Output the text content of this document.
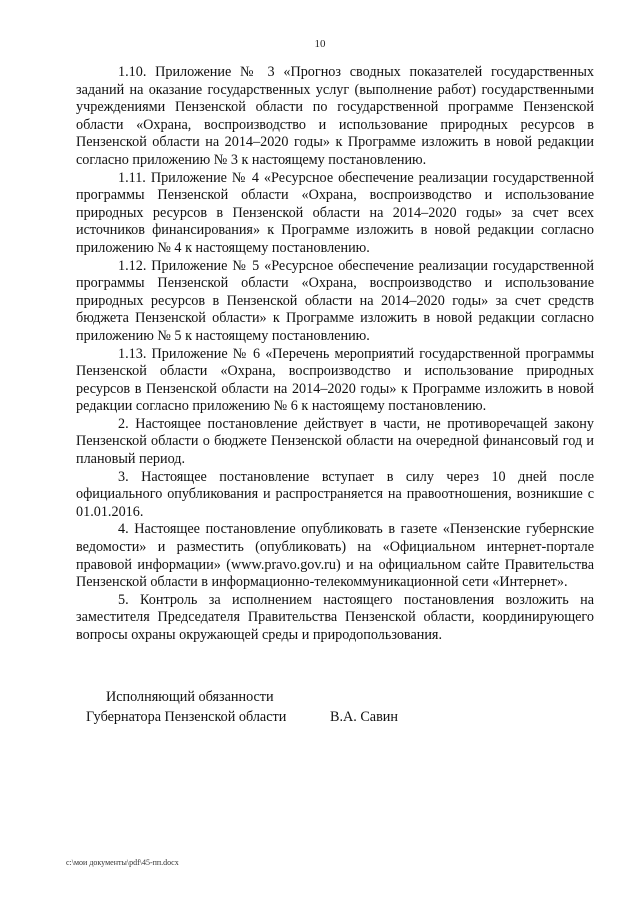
10

1.10. Приложение № 3 «Прогноз сводных показателей государственных заданий на оказание государственных услуг (выполнение работ) государственными учреждениями Пензенской области по государственной программе Пензенской области «Охрана, воспроизводство и использование природных ресурсов в Пензенской области на 2014–2020 годы» к Программе изложить в новой редакции согласно приложению № 3 к настоящему постановлению.

1.11. Приложение № 4 «Ресурсное обеспечение реализации государственной программы Пензенской области «Охрана, воспроизводство и использование природных ресурсов в Пензенской области на 2014–2020 годы» за счет всех источников финансирования» к Программе изложить в новой редакции согласно приложению № 4 к настоящему постановлению.

1.12. Приложение № 5 «Ресурсное обеспечение реализации государственной программы Пензенской области «Охрана, воспроизводство и использование природных ресурсов в Пензенской области на 2014–2020 годы» за счет средств бюджета Пензенской области» к Программе изложить в новой редакции согласно приложению № 5 к настоящему постановлению.

1.13. Приложение № 6 «Перечень мероприятий государственной программы Пензенской области «Охрана, воспроизводство и использование природных ресурсов в Пензенской области на 2014–2020 годы» к Программе изложить в новой редакции согласно приложению № 6 к настоящему постановлению.

2. Настоящее постановление действует в части, не противоречащей закону Пензенской области о бюджете Пензенской области на очередной финансовый год и плановый период.

3. Настоящее постановление вступает в силу через 10 дней после официального опубликования и распространяется на правоотношения, возникшие с 01.01.2016.

4. Настоящее постановление опубликовать в газете «Пензенские губернские ведомости» и разместить (опубликовать) на «Официальном интернет-портале правовой информации» (www.pravo.gov.ru) и на официальном сайте Правительства Пензенской области в информационно-телекоммуникационной сети «Интернет».

5. Контроль за исполнением настоящего постановления возложить на заместителя Председателя Правительства Пензенской области, координирующего вопросы охраны окружающей среды и природопользования.

Исполняющий обязанности
Губернатора Пензенской области	В.А. Савин
c:\мои документы\pdf\45-пп.docx
